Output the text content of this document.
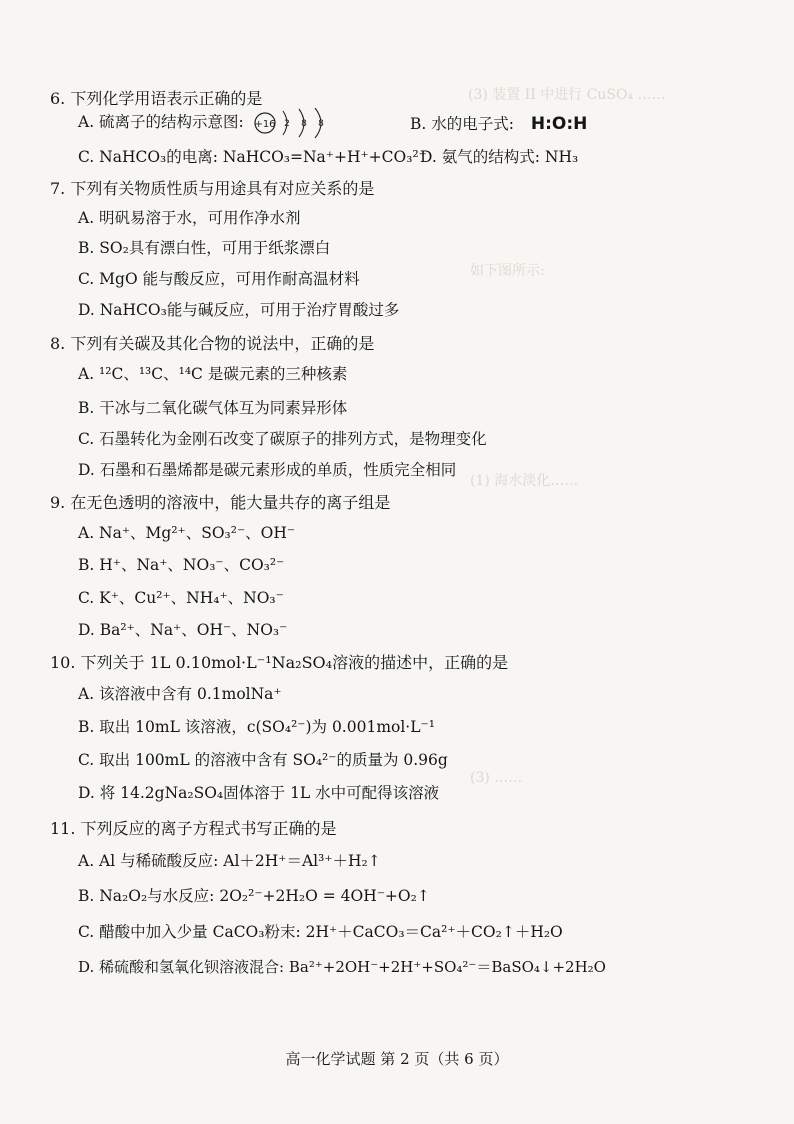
(3) 装置 II 中进行 CuSO₄ ……
如下图所示:
(1) 海水淡化……
(3) ……
6. 下列化学用语表示正确的是
A. 硫离子的结构示意图: +16 2 8 8	B. 水的电子式: H:O:H
C. NaHCO₃的电离: NaHCO₃=Na⁺+H⁺+CO₃²⁻
D. 氨气的结构式: NH₃
7. 下列有关物质性质与用途具有对应关系的是
A. 明矾易溶于水，可用作净水剂
B. SO₂具有漂白性，可用于纸浆漂白
C. MgO 能与酸反应，可用作耐高温材料
D. NaHCO₃能与碱反应，可用于治疗胃酸过多
8. 下列有关碳及其化合物的说法中，正确的是
A. ¹²C、¹³C、¹⁴C 是碳元素的三种核素
B. 干冰与二氧化碳气体互为同素异形体
C. 石墨转化为金刚石改变了碳原子的排列方式，是物理变化
D. 石墨和石墨烯都是碳元素形成的单质，性质完全相同
9. 在无色透明的溶液中，能大量共存的离子组是
A. Na⁺、Mg²⁺、SO₃²⁻、OH⁻
B. H⁺、Na⁺、NO₃⁻、CO₃²⁻
C. K⁺、Cu²⁺、NH₄⁺、NO₃⁻
D. Ba²⁺、Na⁺、OH⁻、NO₃⁻
10. 下列关于 1L 0.10mol·L⁻¹Na₂SO₄溶液的描述中，正确的是
A. 该溶液中含有 0.1molNa⁺
B. 取出 10mL 该溶液，c(SO₄²⁻)为 0.001mol·L⁻¹
C. 取出 100mL 的溶液中含有 SO₄²⁻的质量为 0.96g
D. 将 14.2gNa₂SO₄固体溶于 1L 水中可配得该溶液
11. 下列反应的离子方程式书写正确的是
A. Al 与稀硫酸反应: Al＋2H⁺＝Al³⁺＋H₂↑
B. Na₂O₂与水反应: 2O₂²⁻+2H₂O = 4OH⁻+O₂↑
C. 醋酸中加入少量 CaCO₃粉末: 2H⁺＋CaCO₃＝Ca²⁺＋CO₂↑＋H₂O
D. 稀硫酸和氢氧化钡溶液混合: Ba²⁺+2OH⁻+2H⁺+SO₄²⁻＝BaSO₄↓+2H₂O
高一化学试题 第 2 页（共 6 页）
